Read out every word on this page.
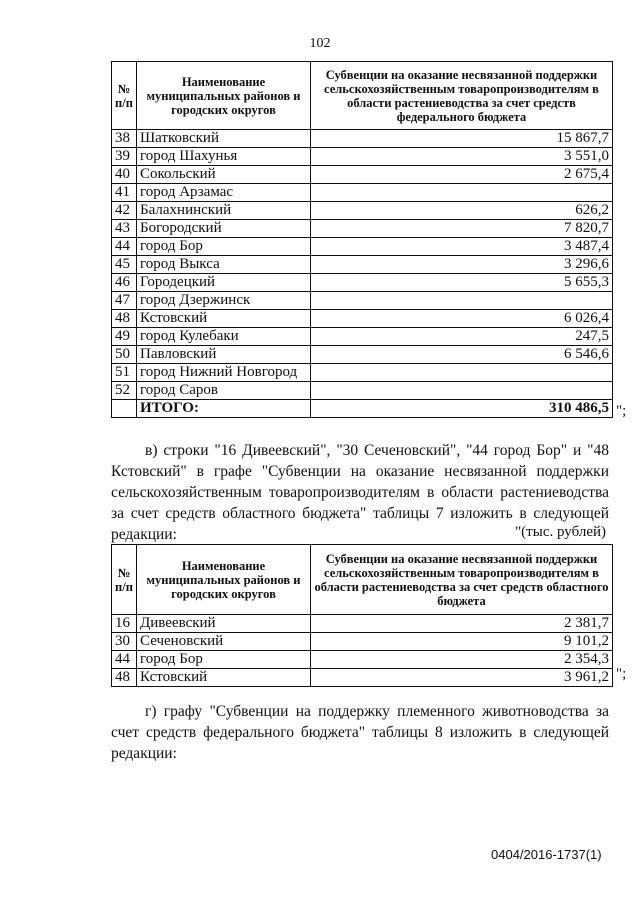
102
№ п/п	Наименование муниципальных районов и городских округов	Субвенции на оказание несвязанной поддержки сельскохозяйственным товаропроизводителям в области растениеводства за счет средств федерального бюджета
38	Шатковский	15 867,7
39	город Шахунья	3 551,0
40	Сокольский	2 675,4
41	город Арзамас	
42	Балахнинский	626,2
43	Богородский	7 820,7
44	город Бор	3 487,4
45	город Выкса	3 296,6
46	Городецкий	5 655,3
47	город Дзержинск	
48	Кстовский	6 026,4
49	город Кулебаки	247,5
50	Павловский	6 546,6
51	город Нижний Новгород	
52	город Саров	
	ИТОГО:	310 486,5 ";
в) строки "16 Дивеевский", "30 Сеченовский", "44 город Бор" и "48 Кстовский" в графе "Субвенции на оказание несвязанной поддержки сельскохозяйственным товаропроизводителям в области растениеводства за счет средств областного бюджета" таблицы 7 изложить в следующей редакции:	"(тыс. рублей)
№ п/п	Наименование муниципальных районов и городских округов	Субвенции на оказание несвязанной поддержки сельскохозяйственным товаропроизводителям в области растениеводства за счет средств областного бюджета
16	Дивеевский	2 381,7
30	Сеченовский	9 101,2
44	город Бор	2 354,3
48	Кстовский	3 961,2 ";
г) графу "Субвенции на поддержку племенного животноводства за счет средств федерального бюджета" таблицы 8 изложить в следующей редакции:
0404/2016-1737(1)
